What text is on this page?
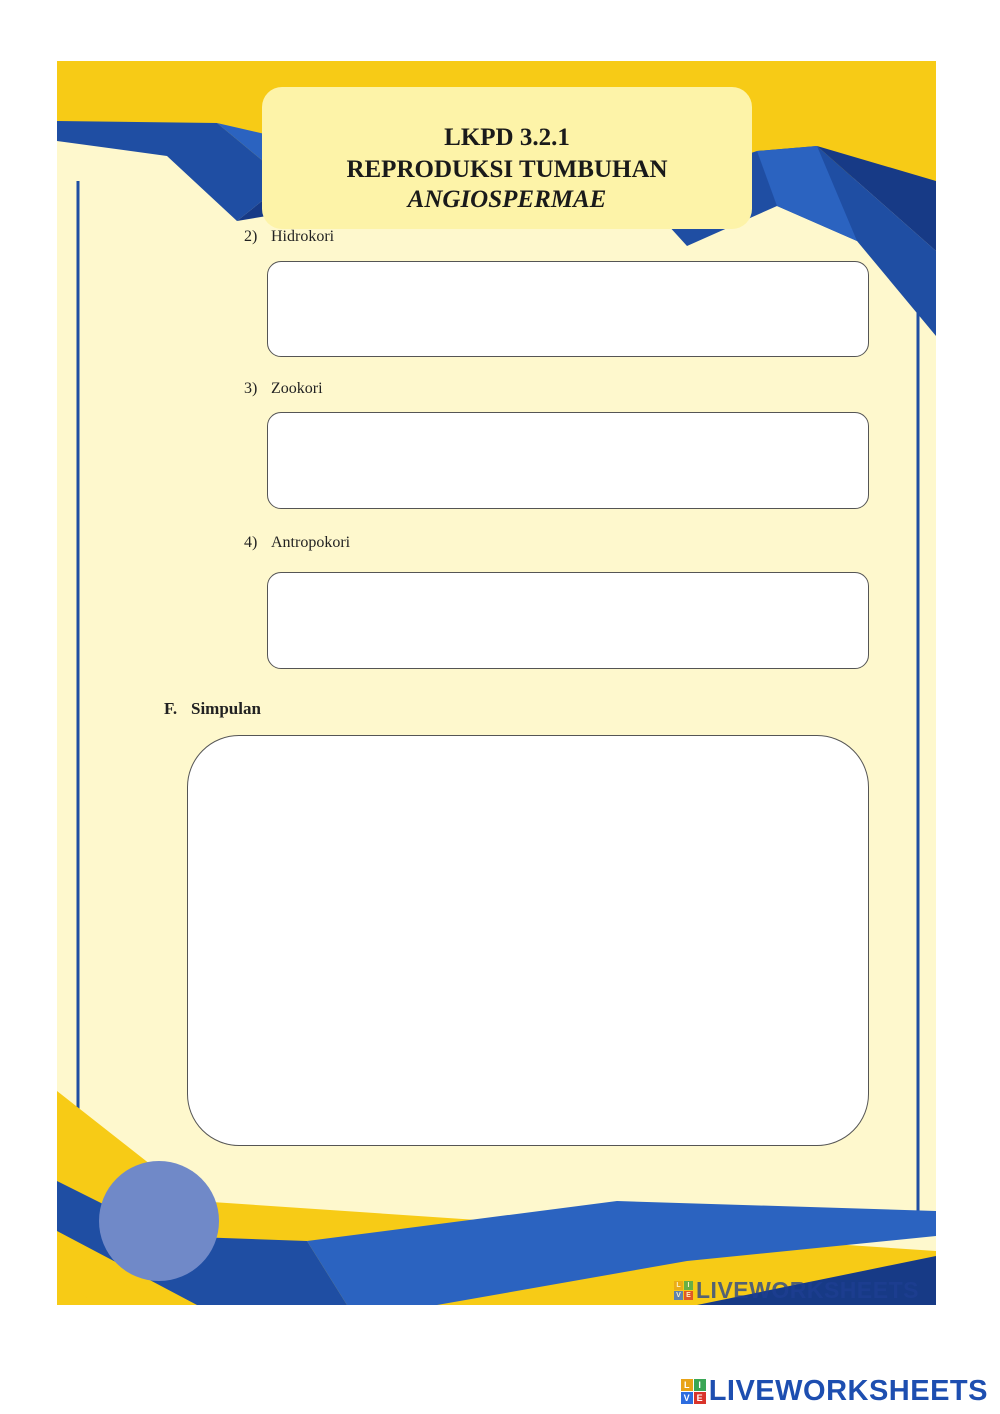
LKPD 3.2.1
REPRODUKSI TUMBUHAN
ANGIOSPERMAE
2) Hidrokori
3) Zookori
4) Antropokori
F. Simpulan
L I
V E LIVEWORKSHEETS
L I
V E LIVEWORKSHEETS
